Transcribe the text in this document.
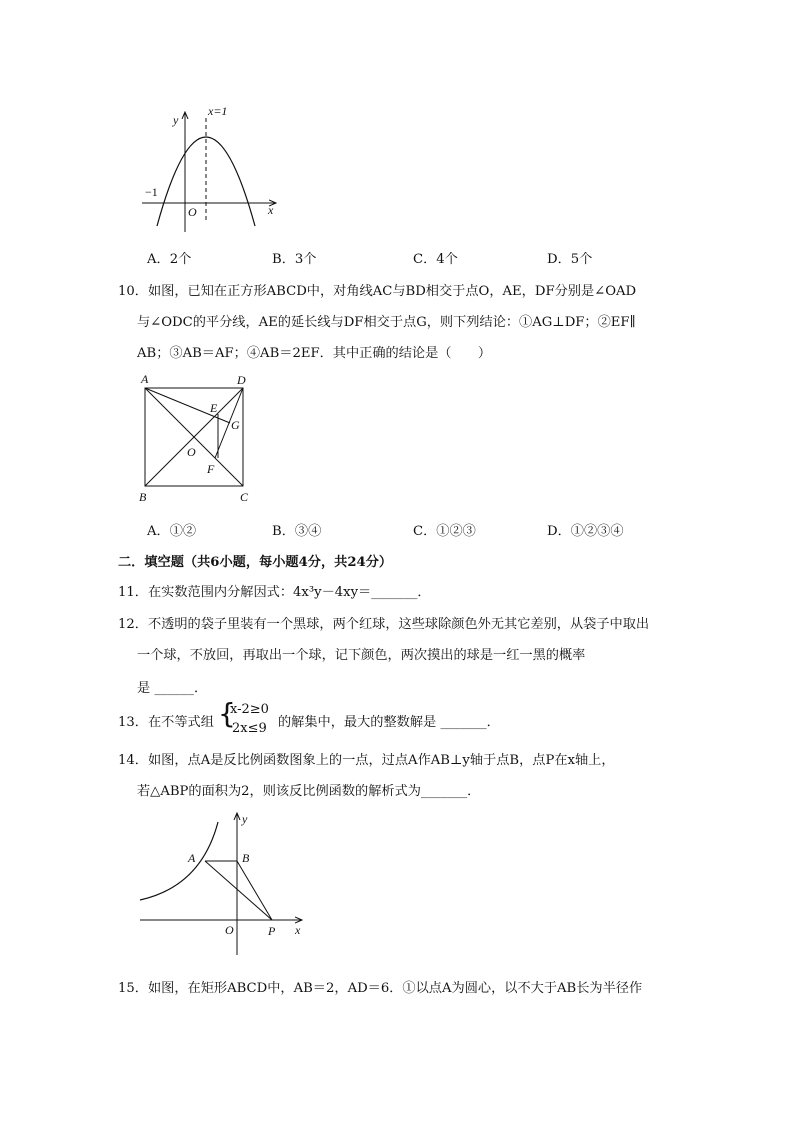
y
x
O
x=1
−1
A	D
B	C
E
G
O
F
A	B
O	P x
y
A．2个	B．3个	C．4个	D．5个
10．如图，已知在正方形ABCD中，对角线AC与BD相交于点O，AE，DF分别是∠OAD
与∠ODC的平分线，AE的延长线与DF相交于点G，则下列结论：①AG⊥DF；②EF∥
AB；③AB＝AF；④AB＝2EF．其中正确的结论是（　　）
A．①②	B．③④	C．①②③	D．①②③④
二．填空题（共6小题，每小题4分，共24分）
11．在实数范围内分解因式：4x³y－4xy＝_______．
12．不透明的袋子里装有一个黑球，两个红球，这些球除颜色外无其它差别，从袋子中取出
一个球，不放回，再取出一个球，记下颜色，两次摸出的球是一红一黑的概率
是 ______．
13．在不等式组 {
x-2≥0
2x≤9 的解集中，最大的整数解是 _______．
14．如图，点A是反比例函数图象上的一点，过点A作AB⊥y轴于点B，点P在x轴上，
若△ABP的面积为2，则该反比例函数的解析式为_______．
15．如图，在矩形ABCD中，AB＝2，AD＝6．①以点A为圆心，以不大于AB长为半径作
